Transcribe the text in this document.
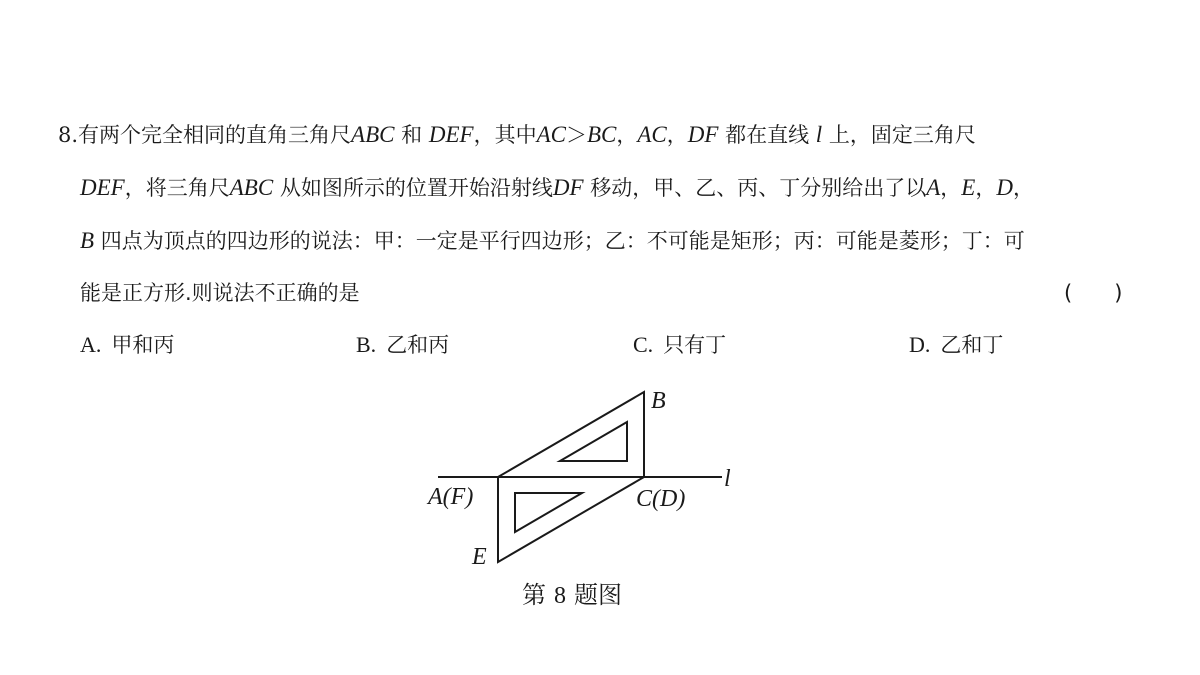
8.有两个完全相同的直角三角尺ABC 和 DEF，其中AC＞BC，AC，DF 都在直线 l 上，固定三角尺
DEF，将三角尺ABC 从如图所示的位置开始沿射线DF 移动，甲、乙、丙、丁分别给出了以A，E，D，
B 四点为顶点的四边形的说法：甲：一定是平行四边形；乙：不可能是矩形；丙：可能是菱形；丁：可
能是正方形.则说法不正确的是	(　　)
A. 甲和丙	B. 乙和丙	C. 只有丁	D. 乙和丁
B
l
A(F)	C(D)
E
第 8 题图
